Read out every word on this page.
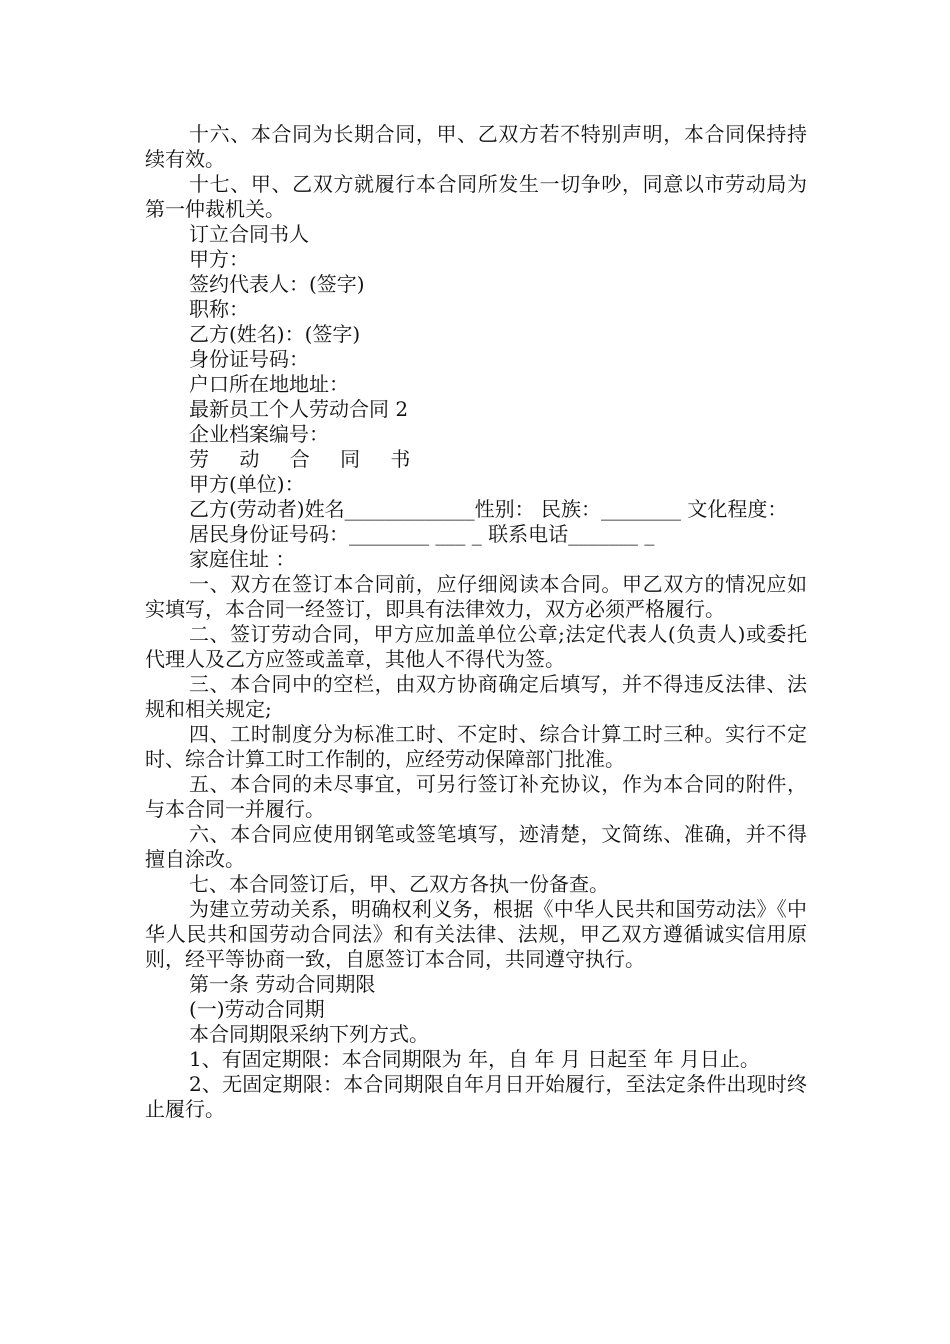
十六、本合同为长期合同，甲、乙双方若不特别声明，本合同保持持续有效。

十七、甲、乙双方就履行本合同所发生一切争吵，同意以市劳动局为第一仲裁机关。

订立合同书人

甲方：

签约代表人：(签字)

职称：

乙方(姓名)：(签字)

身份证号码：

户口所在地地址：

最新员工个人劳动合同 2

企业档案编号：

劳 动 合 同 书

甲方(单位)：

乙方(劳动者)姓名_____________性别： 民族：________ 文化程度：

居民身份证号码：________ ___ _ 联系电话_______ _

家庭住址 ：

一、双方在签订本合同前，应仔细阅读本合同。甲乙双方的情况应如实填写，本合同一经签订，即具有法律效力，双方必须严格履行。

二、签订劳动合同，甲方应加盖单位公章;法定代表人(负责人)或委托代理人及乙方应签或盖章，其他人不得代为签。

三、本合同中的空栏，由双方协商确定后填写，并不得违反法律、法规和相关规定;

四、工时制度分为标准工时、不定时、综合计算工时三种。实行不定时、综合计算工时工作制的，应经劳动保障部门批准。

五、本合同的未尽事宜，可另行签订补充协议，作为本合同的附件，与本合同一并履行。

六、本合同应使用钢笔或签笔填写，迹清楚，文简练、准确，并不得擅自涂改。

七、本合同签订后，甲、乙双方各执一份备查。

为建立劳动关系，明确权利义务，根据《中华人民共和国劳动法》《中华人民共和国劳动合同法》和有关法律、法规，甲乙双方遵循诚实信用原则，经平等协商一致，自愿签订本合同，共同遵守执行。

第一条 劳动合同期限

(一)劳动合同期

本合同期限采纳下列方式。

1、有固定期限：本合同期限为 年，自 年 月 日起至 年 月日止。

2、无固定期限：本合同期限自年月日开始履行，至法定条件出现时终止履行。
